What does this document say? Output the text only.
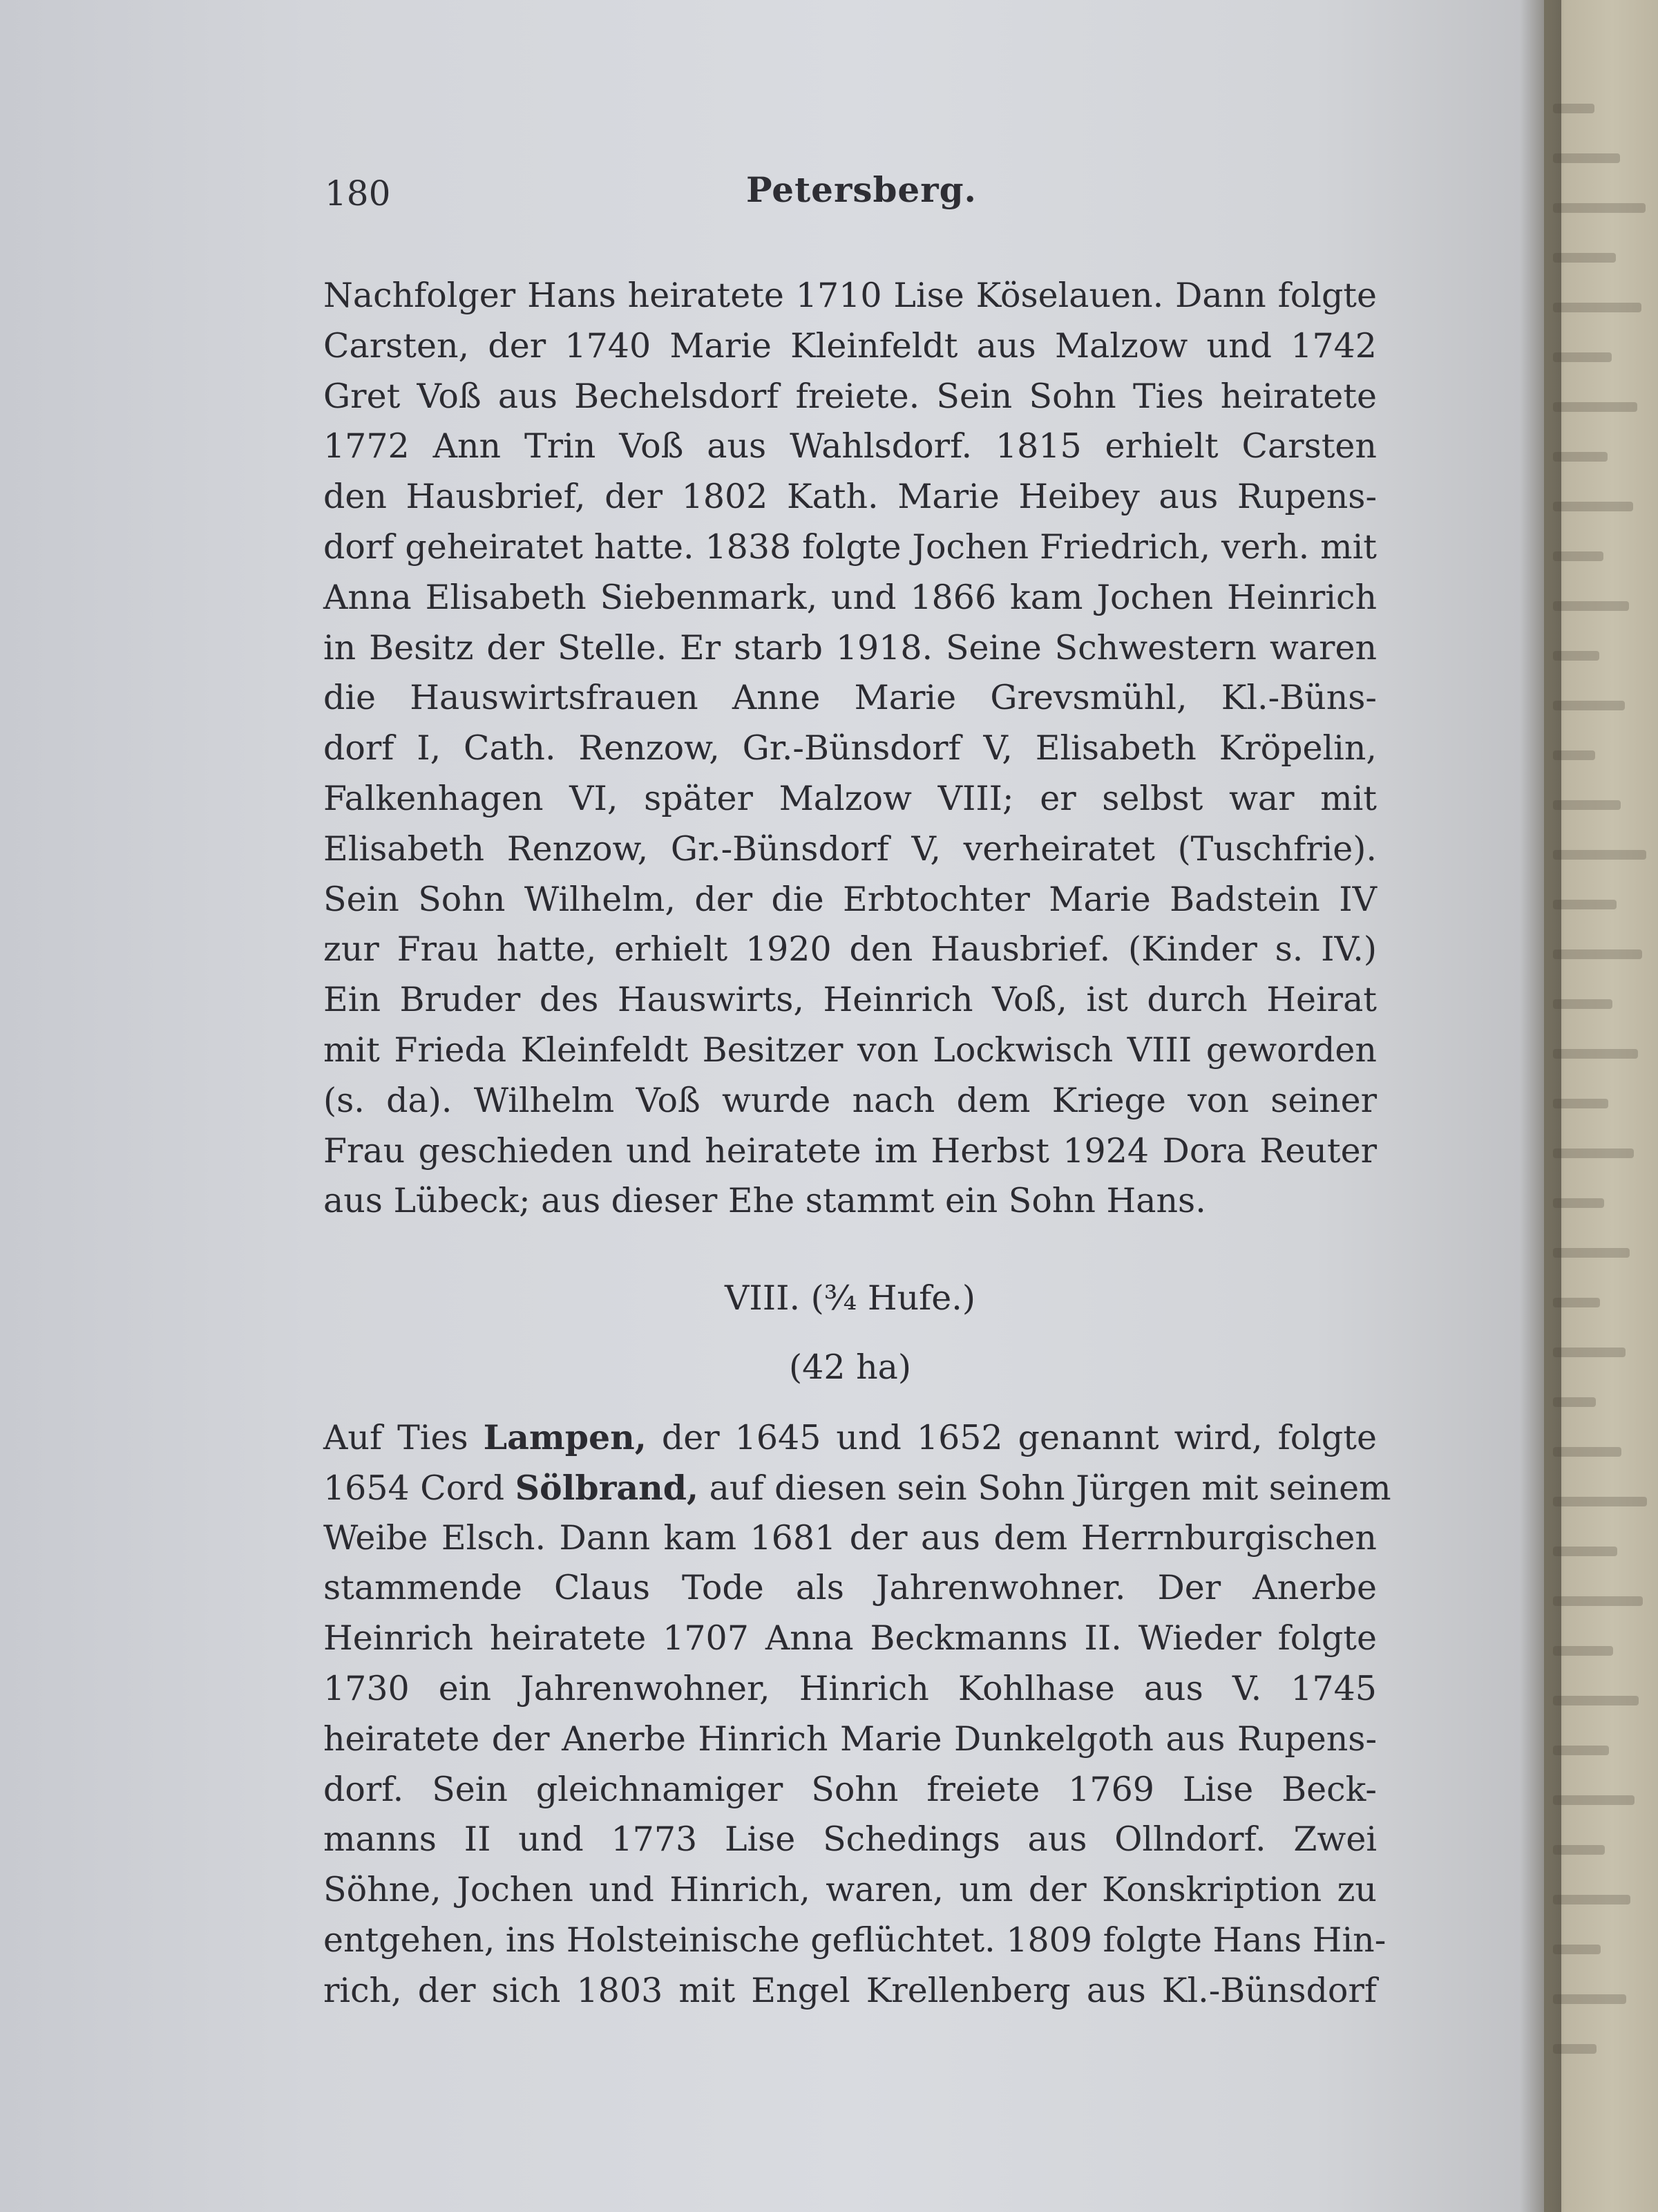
180	Petersberg.
Nachfolger Hans heiratete 1710 Lise Köselauen. Dann folgte
Carsten, der 1740 Marie Kleinfeldt aus Malzow und 1742
Gret Voß aus Bechelsdorf freiete. Sein Sohn Ties heiratete
1772 Ann Trin Voß aus Wahlsdorf. 1815 erhielt Carsten
den Hausbrief, der 1802 Kath. Marie Heibey aus Rupens-
dorf geheiratet hatte. 1838 folgte Jochen Friedrich, verh. mit
Anna Elisabeth Siebenmark, und 1866 kam Jochen Heinrich
in Besitz der Stelle. Er starb 1918. Seine Schwestern waren
die Hauswirtsfrauen Anne Marie Grevsmühl, Kl.-Büns-
dorf I, Cath. Renzow, Gr.-Bünsdorf V, Elisabeth Kröpelin,
Falkenhagen VI, später Malzow VIII; er selbst war mit
Elisabeth Renzow, Gr.-Bünsdorf V, verheiratet (Tuschfrie).
Sein Sohn Wilhelm, der die Erbtochter Marie Badstein IV
zur Frau hatte, erhielt 1920 den Hausbrief. (Kinder s. IV.)
Ein Bruder des Hauswirts, Heinrich Voß, ist durch Heirat
mit Frieda Kleinfeldt Besitzer von Lockwisch VIII geworden
(s. da). Wilhelm Voß wurde nach dem Kriege von seiner
Frau geschieden und heiratete im Herbst 1924 Dora Reuter
aus Lübeck; aus dieser Ehe stammt ein Sohn Hans.
VIII. (¾ Hufe.)
(42 ha)
Auf Ties Lampen, der 1645 und 1652 genannt wird, folgte
1654 Cord Sölbrand, auf diesen sein Sohn Jürgen mit seinem
Weibe Elsch. Dann kam 1681 der aus dem Herrnburgischen
stammende Claus Tode als Jahrenwohner. Der Anerbe
Heinrich heiratete 1707 Anna Beckmanns II. Wieder folgte
1730 ein Jahrenwohner, Hinrich Kohlhase aus V. 1745
heiratete der Anerbe Hinrich Marie Dunkelgoth aus Rupens-
dorf. Sein gleichnamiger Sohn freiete 1769 Lise Beck-
manns II und 1773 Lise Schedings aus Ollndorf. Zwei
Söhne, Jochen und Hinrich, waren, um der Konskription zu
entgehen, ins Holsteinische geflüchtet. 1809 folgte Hans Hin-
rich, der sich 1803 mit Engel Krellenberg aus Kl.-Bünsdorf
